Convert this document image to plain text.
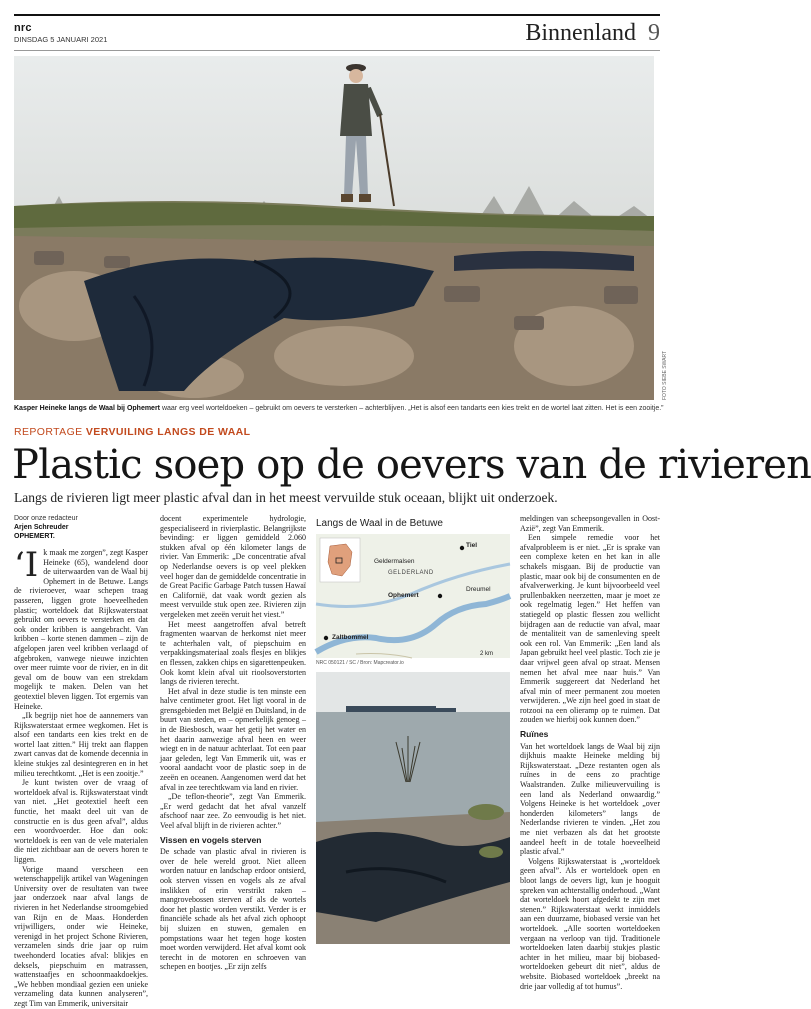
nrc
DINSDAG 5 JANUARI 2021	Binnenland 9
FOTO SIEBE SWART
Kasper Heineke langs de Waal bij Ophemert waar erg veel worteldoeken – gebruikt om oevers te versterken – achterblijven. „Het is alsof een tandarts een kies trekt en de wortel laat zitten. Het is een zooitje.”
REPORTAGE VERVUILING LANGS DE WAAL
Plastic soep op de oevers van de rivieren
Langs de rivieren ligt meer plastic afval dan in het meest vervuilde stuk oceaan, blijkt uit onderzoek.
Door onze redacteur
Arjen Schreuder
OPHEMERT.

‘Ik maak me zorgen”, zegt Kasper Heineke (65), wandelend door de uiterwaarden van de Waal bij Ophemert in de Betuwe. Langs de rivieroever, waar schepen traag passeren, liggen grote hoeveelheden plastic; worteldoek dat Rijkswaterstaat gebruikt om oevers te versterken en dat ook onder kribben is aangebracht. Van kribben – korte stenen dammen – zijn de afgelopen jaren veel kribben verlaagd of afgebroken, vanwege nieuwe inzichten over meer ruimte voor de rivier, en in dit geval om de bouw van een strekdam mogelijk te maken. Delen van het geotextiel bleven liggen. Tot ergernis van Heineke.

„Ik begrijp niet hoe de aannemers van Rijkswaterstaat ermee wegkomen. Het is alsof een tandarts een kies trekt en de wortel laat zitten.” Hij trekt aan flappen zwart canvas dat de komende decennia in kleine stukjes zal desintegreren en in het milieu terechtkomt. „Het is een zooitje.”

Je kunt twisten over de vraag of worteldoek afval is. Rijkswaterstaat vindt van niet. „Het geotextiel heeft een functie, het maakt deel uit van de constructie en is dus geen afval”, aldus een woordvoerder. Hoe dan ook: worteldoek is een van de vele materialen die niet zichtbaar aan de oevers horen te liggen.

Vorige maand verscheen een wetenschappelijk artikel van Wageningen University over de resultaten van twee jaar onderzoek naar afval langs de rivieren in het Nederlandse stroomgebied van Rijn en de Maas. Honderden vrijwilligers, onder wie Heineke, verenigd in het project Schone Rivieren, verzamelen sinds drie jaar op ruim tweehonderd locaties afval: blikjes en deksels, piepschuim en matrassen, wattenstaafjes en schoonmaakdoekjes. „We hebben mondiaal gezien een unieke verzameling data kunnen analyseren”, zegt Tim van Emmerik, universitair

docent experimentele hydrologie, gespecialiseerd in rivierplastic. Belangrijkste bevinding: er liggen gemiddeld 2.060 stukken afval op één kilometer langs de rivier. Van Emmerik: „De concentratie afval op Nederlandse oevers is op veel plekken veel hoger dan de gemiddelde concentratie in de Great Pacific Garbage Patch tussen Hawaï en Californië, dat vaak wordt gezien als meest vervuilde stuk open zee. Rivieren zijn vergeleken met zeeën veruit het viest.”

Het meest aangetroffen afval betreft fragmenten waarvan de herkomst niet meer te achterhalen valt, of piepschuim en verpakkingsmateriaal zoals flesjes en blikjes en flessen, zakken chips en sigarettenpeuken. Ook komt klein afval uit rioolsoverstorten langs de rivieren terecht.

Het afval in deze studie is ten minste een halve centimeter groot. Het ligt vooral in de grensgebieden met België en Duitsland, in de buurt van steden, en – opmerkelijk genoeg – in de Biesbosch, waar het getij het water en het daarin aanwezige afval heen en weer wiegt en in de natuur achterlaat. Tot een paar jaar geleden, legt Van Emmerik uit, was er vooral aandacht voor de plastic soep in de zeeën en oceanen. Aangenomen werd dat het afval in zee terechtkwam via land en rivier.

„De teflon-theorie”, zegt Van Emmerik. „Er werd gedacht dat het afval vanzelf afschoof naar zee. Zo eenvoudig is het niet. Veel afval blijft in de rivieren achter.”

Vissen en vogels sterven

De schade van plastic afval in rivieren is over de hele wereld groot. Niet alleen worden natuur en landschap erdoor ontsierd, ook sterven vissen en vogels als ze afval inslikken of erin verstrikt raken – mangrovebossen sterven af als de wortels door het plastic worden verstikt. Verder is er financiële schade als het afval zich ophoopt bij sluizen en stuwen, gemalen en pompstations waar het tegen hoge kosten moet worden verwijderd. Het afval komt ook terecht in de motoren en schroeven van schepen en bootjes. „Er zijn zelfs

Langs de Waal in de Betuwe
Tiel
Geldermalsen
GELDERLAND
Ophemert
Dreumel
Zaltbommel
2 km
NRC 050121 / SC / Bron: Mapcreator.io

meldingen van scheepsongevallen in Oost-Azië”, zegt Van Emmerik.

Een simpele remedie voor het afvalprobleem is er niet. „Er is sprake van een complexe keten en het kan in alle schakels misgaan. Bij de productie van plastic, maar ook bij de consumenten en de afvalverwerking. Je kunt bijvoorbeeld veel prullenbakken neerzetten, maar je moet ze ook regelmatig legen.” Het heffen van statiegeld op plastic flessen zou wellicht bijdragen aan de reductie van afval, maar de mentaliteit van de samenleving speelt ook een rol. Van Emmerik: „Een land als Japan gebruikt heel veel plastic. Toch zie je daar vrijwel geen afval op straat. Mensen nemen het afval mee naar huis.” Van Emmerik suggereert dat Nederland het afval min of meer permanent zou moeten verwijderen. „We zijn heel goed in staat de rotzooi na een olieramp op te ruimen. Dat zouden we hierbij ook kunnen doen.”

Ruïnes

Van het worteldoek langs de Waal bij zijn dijkhuis maakte Heineke melding bij Rijkswaterstaat. „Deze restanten ogen als ruïnes in de eens zo prachtige Waalstranden. Zulke milieuvervuiling is een land als Nederland onwaardig.” Volgens Heineke is het worteldoek „over honderden kilometers” langs de Nederlandse rivieren te vinden. „Het zou me niet verbazen als dat het grootste aandeel heeft in de totale hoeveelheid plastic afval.”

Volgens Rijkswaterstaat is „worteldoek geen afval”. Als er worteldoek open en bloot langs de oevers ligt, kun je hooguit spreken van achterstallig onderhoud. „Want dat worteldoek hoort afgedekt te zijn met stenen.” Rijkswaterstaat werkt inmiddels aan een duurzame, biobased versie van het worteldoek. „Alle soorten worteldoeken vergaan na verloop van tijd. Traditionele worteldoeken laten daarbij stukjes plastic achter in het milieu, maar bij biobased-worteldoeken gebeurt dit niet”, aldus de website. Biobased worteldoek „breekt na drie jaar volledig af tot humus”.
